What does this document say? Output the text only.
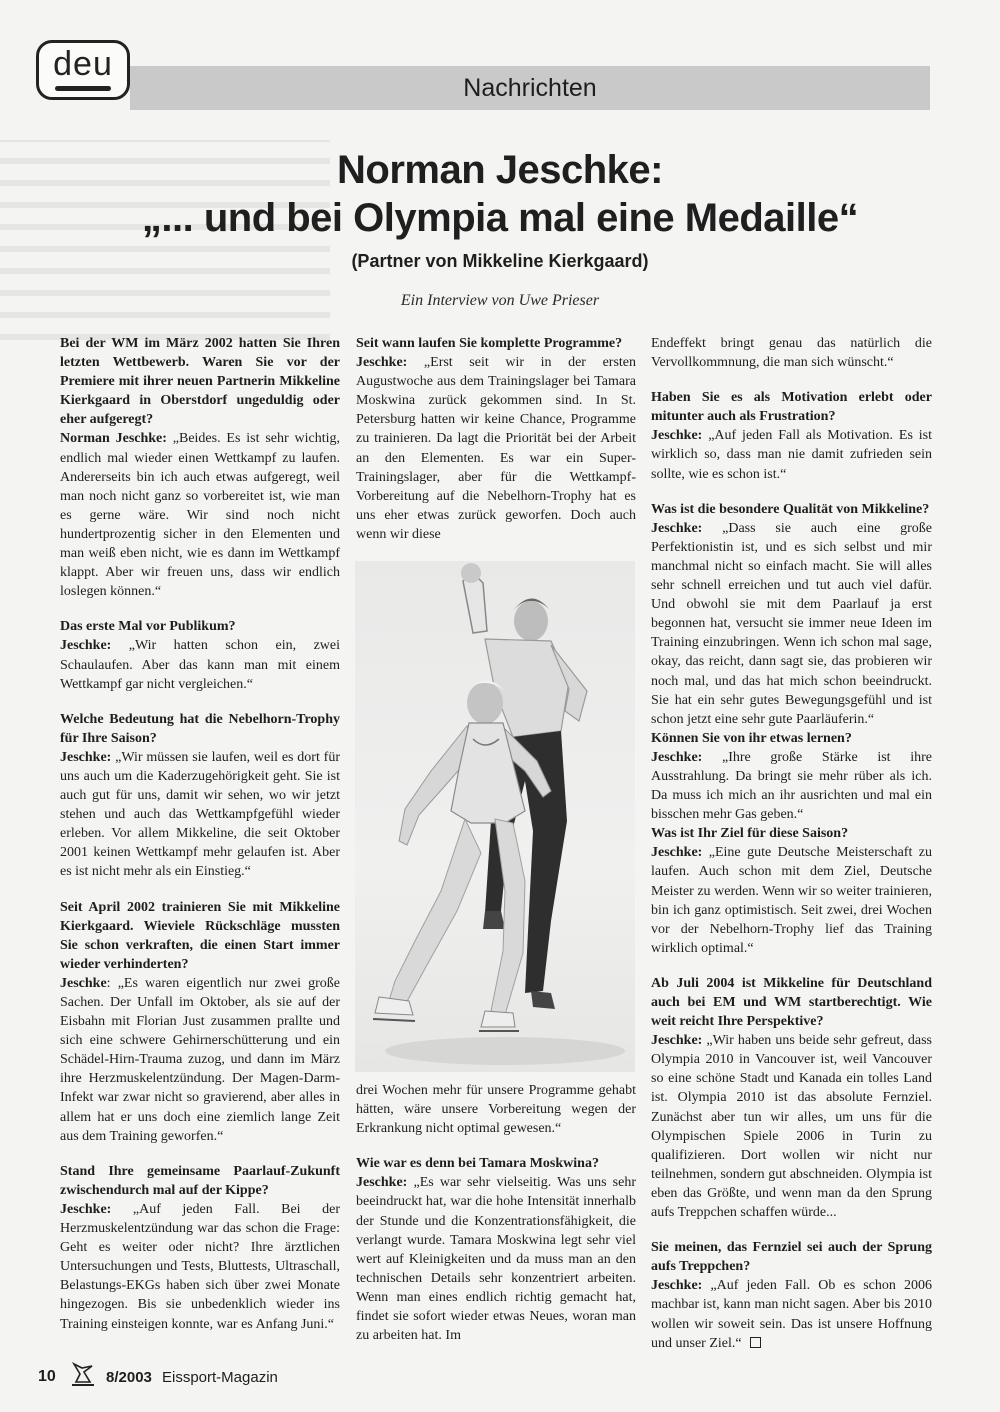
deu
Nachrichten
Norman Jeschke:
„... und bei Olympia mal eine Medaille“
(Partner von Mikkeline Kierkgaard)
Ein Interview von Uwe Prieser

Bei der WM im März 2002 hatten Sie Ihren letzten Wettbewerb. Waren Sie vor der Premiere mit ihrer neuen Partnerin Mikkeline Kierkgaard in Oberstdorf ungeduldig oder eher aufgeregt?
Norman Jeschke: „Beides. Es ist sehr wichtig, endlich mal wieder einen Wettkampf zu laufen. Andererseits bin ich auch etwas aufgeregt, weil man noch nicht ganz so vorbereitet ist, wie man es gerne wäre. Wir sind noch nicht hundertprozentig sicher in den Elementen und man weiß eben nicht, wie es dann im Wettkampf klappt. Aber wir freuen uns, dass wir endlich loslegen können.“

Das erste Mal vor Publikum?
Jeschke: „Wir hatten schon ein, zwei Schaulaufen. Aber das kann man mit einem Wettkampf gar nicht vergleichen.“

Welche Bedeutung hat die Nebelhorn-Trophy für Ihre Saison?
Jeschke: „Wir müssen sie laufen, weil es dort für uns auch um die Kaderzugehörigkeit geht. Sie ist auch gut für uns, damit wir sehen, wo wir jetzt stehen und auch das Wettkampfgefühl wieder erleben. Vor allem Mikkeline, die seit Oktober 2001 keinen Wettkampf mehr gelaufen ist. Aber es ist nicht mehr als ein Einstieg.“

Seit April 2002 trainieren Sie mit Mikkeline Kierkgaard. Wieviele Rückschläge mussten Sie schon verkraften, die einen Start immer wieder verhinderten?
Jeschke: „Es waren eigentlich nur zwei große Sachen. Der Unfall im Oktober, als sie auf der Eisbahn mit Florian Just zusammen prallte und sich eine schwere Gehirnerschütterung und ein Schädel-Hirn-Trauma zuzog, und dann im März ihre Herzmuskelentzündung. Der Magen-Darm-Infekt war zwar nicht so gravierend, aber alles in allem hat er uns doch eine ziemlich lange Zeit aus dem Training geworfen.“

Stand Ihre gemeinsame Paarlauf-Zukunft zwischendurch mal auf der Kippe?
Jeschke: „Auf jeden Fall. Bei der Herzmuskelentzündung war das schon die Frage: Geht es weiter oder nicht? Ihre ärztlichen Untersuchungen und Tests, Bluttests, Ultraschall, Belastungs-EKGs haben sich über zwei Monate hingezogen. Bis sie unbedenklich wieder ins Training einsteigen konnte, war es Anfang Juni.“

Seit wann laufen Sie komplette Programme?
Jeschke: „Erst seit wir in der ersten Augustwoche aus dem Trainingslager bei Tamara Moskwina zurück gekommen sind. In St. Petersburg hatten wir keine Chance, Programme zu trainieren. Da lagt die Priorität bei der Arbeit an den Elementen. Es war ein Super-Trainingslager, aber für die Wettkampf-Vorbereitung auf die Nebelhorn-Trophy hat es uns eher etwas zurück geworfen. Doch auch wenn wir diese

drei Wochen mehr für unsere Programme gehabt hätten, wäre unsere Vorbereitung wegen der Erkrankung nicht optimal gewesen.“

Wie war es denn bei Tamara Moskwina?
Jeschke: „Es war sehr vielseitig. Was uns sehr beeindruckt hat, war die hohe Intensität innerhalb der Stunde und die Konzentrationsfähigkeit, die verlangt wurde. Tamara Moskwina legt sehr viel wert auf Kleinigkeiten und da muss man an den technischen Details sehr konzentriert arbeiten. Wenn man eines endlich richtig gemacht hat, findet sie sofort wieder etwas Neues, woran man zu arbeiten hat. Im

Endeffekt bringt genau das natürlich die Vervollkommnung, die man sich wünscht.“

Haben Sie es als Motivation erlebt oder mitunter auch als Frustration?
Jeschke: „Auf jeden Fall als Motivation. Es ist wirklich so, dass man nie damit zufrieden sein sollte, wie es schon ist.“

Was ist die besondere Qualität von Mikkeline?
Jeschke: „Dass sie auch eine große Perfektionistin ist, und es sich selbst und mir manchmal nicht so einfach macht. Sie will alles sehr schnell erreichen und tut auch viel dafür. Und obwohl sie mit dem Paarlauf ja erst begonnen hat, versucht sie immer neue Ideen im Training einzubringen. Wenn ich schon mal sage, okay, das reicht, dann sagt sie, das probieren wir noch mal, und das hat mich schon beeindruckt. Sie hat ein sehr gutes Bewegungsgefühl und ist schon jetzt eine sehr gute Paarläuferin.“

Können Sie von ihr etwas lernen?
Jeschke: „Ihre große Stärke ist ihre Ausstrahlung. Da bringt sie mehr rüber als ich. Da muss ich mich an ihr ausrichten und mal ein bisschen mehr Gas geben.“

Was ist Ihr Ziel für diese Saison?
Jeschke: „Eine gute Deutsche Meisterschaft zu laufen. Auch schon mit dem Ziel, Deutsche Meister zu werden. Wenn wir so weiter trainieren, bin ich ganz optimistisch. Seit zwei, drei Wochen vor der Nebelhorn-Trophy lief das Training wirklich optimal.“

Ab Juli 2004 ist Mikkeline für Deutschland auch bei EM und WM startberechtigt. Wie weit reicht Ihre Perspektive?
Jeschke: „Wir haben uns beide sehr gefreut, dass Olympia 2010 in Vancouver ist, weil Vancouver so eine schöne Stadt und Kanada ein tolles Land ist. Olympia 2010 ist das absolute Fernziel. Zunächst aber tun wir alles, um uns für die Olympischen Spiele 2006 in Turin zu qualifizieren. Dort wollen wir nicht nur teilnehmen, sondern gut abschneiden. Olympia ist eben das Größte, und wenn man da den Sprung aufs Treppchen schaffen würde...

Sie meinen, das Fernziel sei auch der Sprung aufs Treppchen?
Jeschke: „Auf jeden Fall. Ob es schon 2006 machbar ist, kann man nicht sagen. Aber bis 2010 wollen wir soweit sein. Das ist unsere Hoffnung und unser Ziel.“

10	8/2003 Eissport-Magazin
